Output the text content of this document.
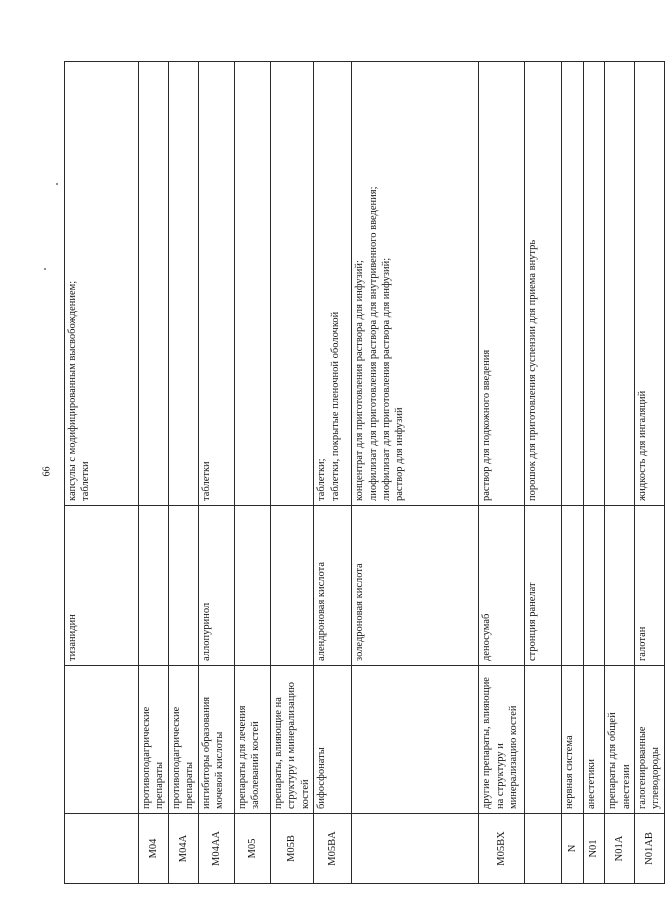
66
		тизанидин	капсулы с модифицированным высвобождением; таблетки
M04	противоподагрические препараты		
M04A	противоподагрические препараты		
M04AA	ингибиторы образования мочевой кислоты	аллопуринол	таблетки
M05	препараты для лечения заболеваний костей		
M05B	препараты, влияющие на структуру и минерализацию костей		
M05BA	бифосфонаты	алендроновая кислота	таблетки; таблетки, покрытые пленочной оболочкой
		золедроновая кислота	концентрат для приготовления раствора для инфузий; лиофилизат для приготовления раствора для внутривенного введения; лиофилизат для приготовления раствора для инфузий; раствор для инфузий
M05BX	другие препараты, влияющие на структуру и минерализацию костей	деносумаб	раствор для подкожного введения
		стронция ранелат	порошок для приготовления суспензии для приема внутрь
N	нервная система		
N01	анестетики		
N01A	препараты для общей анестезии		
N01AB	галогенированные углеводороды	галотан	жидкость для ингаляций
